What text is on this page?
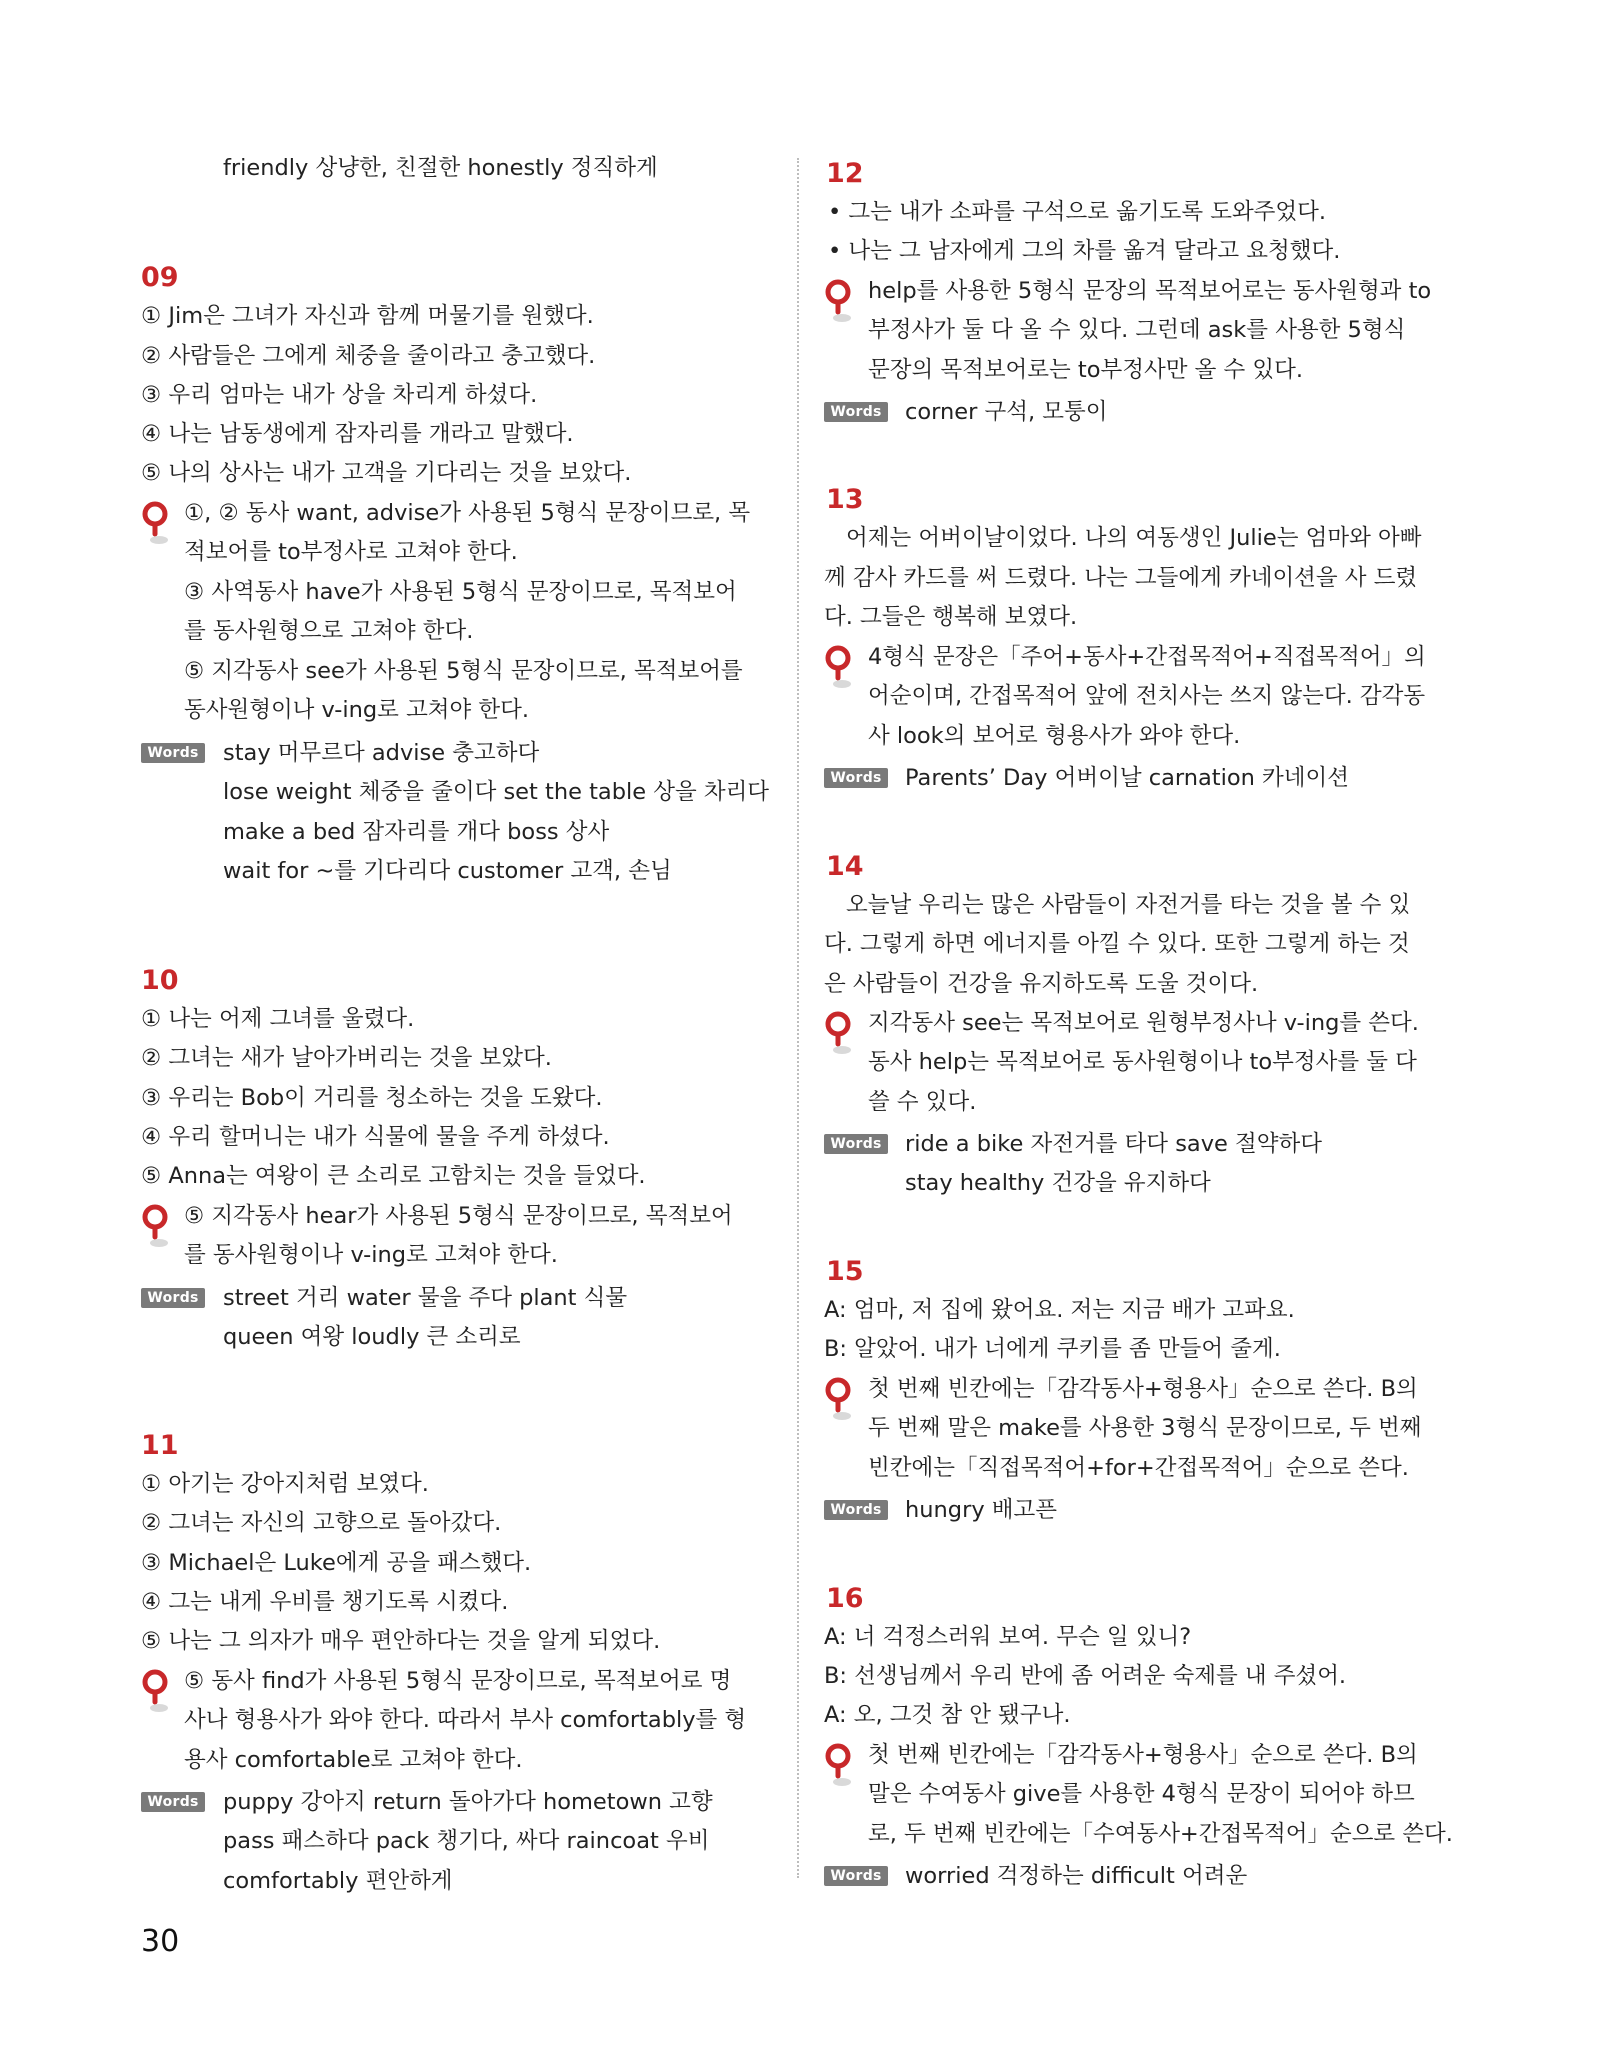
friendly 상냥한, 친절한 honestly 정직하게
09
① Jim은 그녀가 자신과 함께 머물기를 원했다.
② 사람들은 그에게 체중을 줄이라고 충고했다.
③ 우리 엄마는 내가 상을 차리게 하셨다.
④ 나는 남동생에게 잠자리를 개라고 말했다.
⑤ 나의 상사는 내가 고객을 기다리는 것을 보았다.
①, ② 동사 want, advise가 사용된 5형식 문장이므로, 목
적보어를 to부정사로 고쳐야 한다.
③ 사역동사 have가 사용된 5형식 문장이므로, 목적보어
를 동사원형으로 고쳐야 한다.
⑤ 지각동사 see가 사용된 5형식 문장이므로, 목적보어를
동사원형이나 v-ing로 고쳐야 한다.
Words stay 머무르다 advise 충고하다
lose weight 체중을 줄이다 set the table 상을 차리다
make a bed 잠자리를 개다 boss 상사
wait for ~를 기다리다 customer 고객, 손님
10
① 나는 어제 그녀를 울렸다.
② 그녀는 새가 날아가버리는 것을 보았다.
③ 우리는 Bob이 거리를 청소하는 것을 도왔다.
④ 우리 할머니는 내가 식물에 물을 주게 하셨다.
⑤ Anna는 여왕이 큰 소리로 고함치는 것을 들었다.
⑤ 지각동사 hear가 사용된 5형식 문장이므로, 목적보어
를 동사원형이나 v-ing로 고쳐야 한다.
Words street 거리 water 물을 주다 plant 식물
queen 여왕 loudly 큰 소리로
11
① 아기는 강아지처럼 보였다.
② 그녀는 자신의 고향으로 돌아갔다.
③ Michael은 Luke에게 공을 패스했다.
④ 그는 내게 우비를 챙기도록 시켰다.
⑤ 나는 그 의자가 매우 편안하다는 것을 알게 되었다.
⑤ 동사 find가 사용된 5형식 문장이므로, 목적보어로 명
사나 형용사가 와야 한다. 따라서 부사 comfortably를 형
용사 comfortable로 고쳐야 한다.
Words puppy 강아지 return 돌아가다 hometown 고향
pass 패스하다 pack 챙기다, 싸다 raincoat 우비
comfortably 편안하게
12
• 그는 내가 소파를 구석으로 옮기도록 도와주었다.
• 나는 그 남자에게 그의 차를 옮겨 달라고 요청했다.
help를 사용한 5형식 문장의 목적보어로는 동사원형과 to
부정사가 둘 다 올 수 있다. 그런데 ask를 사용한 5형식
문장의 목적보어로는 to부정사만 올 수 있다.
Words corner 구석, 모퉁이
13
어제는 어버이날이었다. 나의 여동생인 Julie는 엄마와 아빠
께 감사 카드를 써 드렸다. 나는 그들에게 카네이션을 사 드렸
다. 그들은 행복해 보였다.
4형식 문장은「주어+동사+간접목적어+직접목적어」의
어순이며, 간접목적어 앞에 전치사는 쓰지 않는다. 감각동
사 look의 보어로 형용사가 와야 한다.
Words Parents’ Day 어버이날 carnation 카네이션
14
오늘날 우리는 많은 사람들이 자전거를 타는 것을 볼 수 있
다. 그렇게 하면 에너지를 아낄 수 있다. 또한 그렇게 하는 것
은 사람들이 건강을 유지하도록 도울 것이다.
지각동사 see는 목적보어로 원형부정사나 v-ing를 쓴다.
동사 help는 목적보어로 동사원형이나 to부정사를 둘 다
쓸 수 있다.
Words ride a bike 자전거를 타다 save 절약하다
stay healthy 건강을 유지하다
15
A: 엄마, 저 집에 왔어요. 저는 지금 배가 고파요.
B: 알았어. 내가 너에게 쿠키를 좀 만들어 줄게.
첫 번째 빈칸에는「감각동사+형용사」순으로 쓴다. B의
두 번째 말은 make를 사용한 3형식 문장이므로, 두 번째
빈칸에는「직접목적어+for+간접목적어」순으로 쓴다.
Words hungry 배고픈
16
A: 너 걱정스러워 보여. 무슨 일 있니?
B: 선생님께서 우리 반에 좀 어려운 숙제를 내 주셨어.
A: 오, 그것 참 안 됐구나.
첫 번째 빈칸에는「감각동사+형용사」순으로 쓴다. B의
말은 수여동사 give를 사용한 4형식 문장이 되어야 하므
로, 두 번째 빈칸에는「수여동사+간접목적어」순으로 쓴다.
Words worried 걱정하는 difficult 어려운
30
